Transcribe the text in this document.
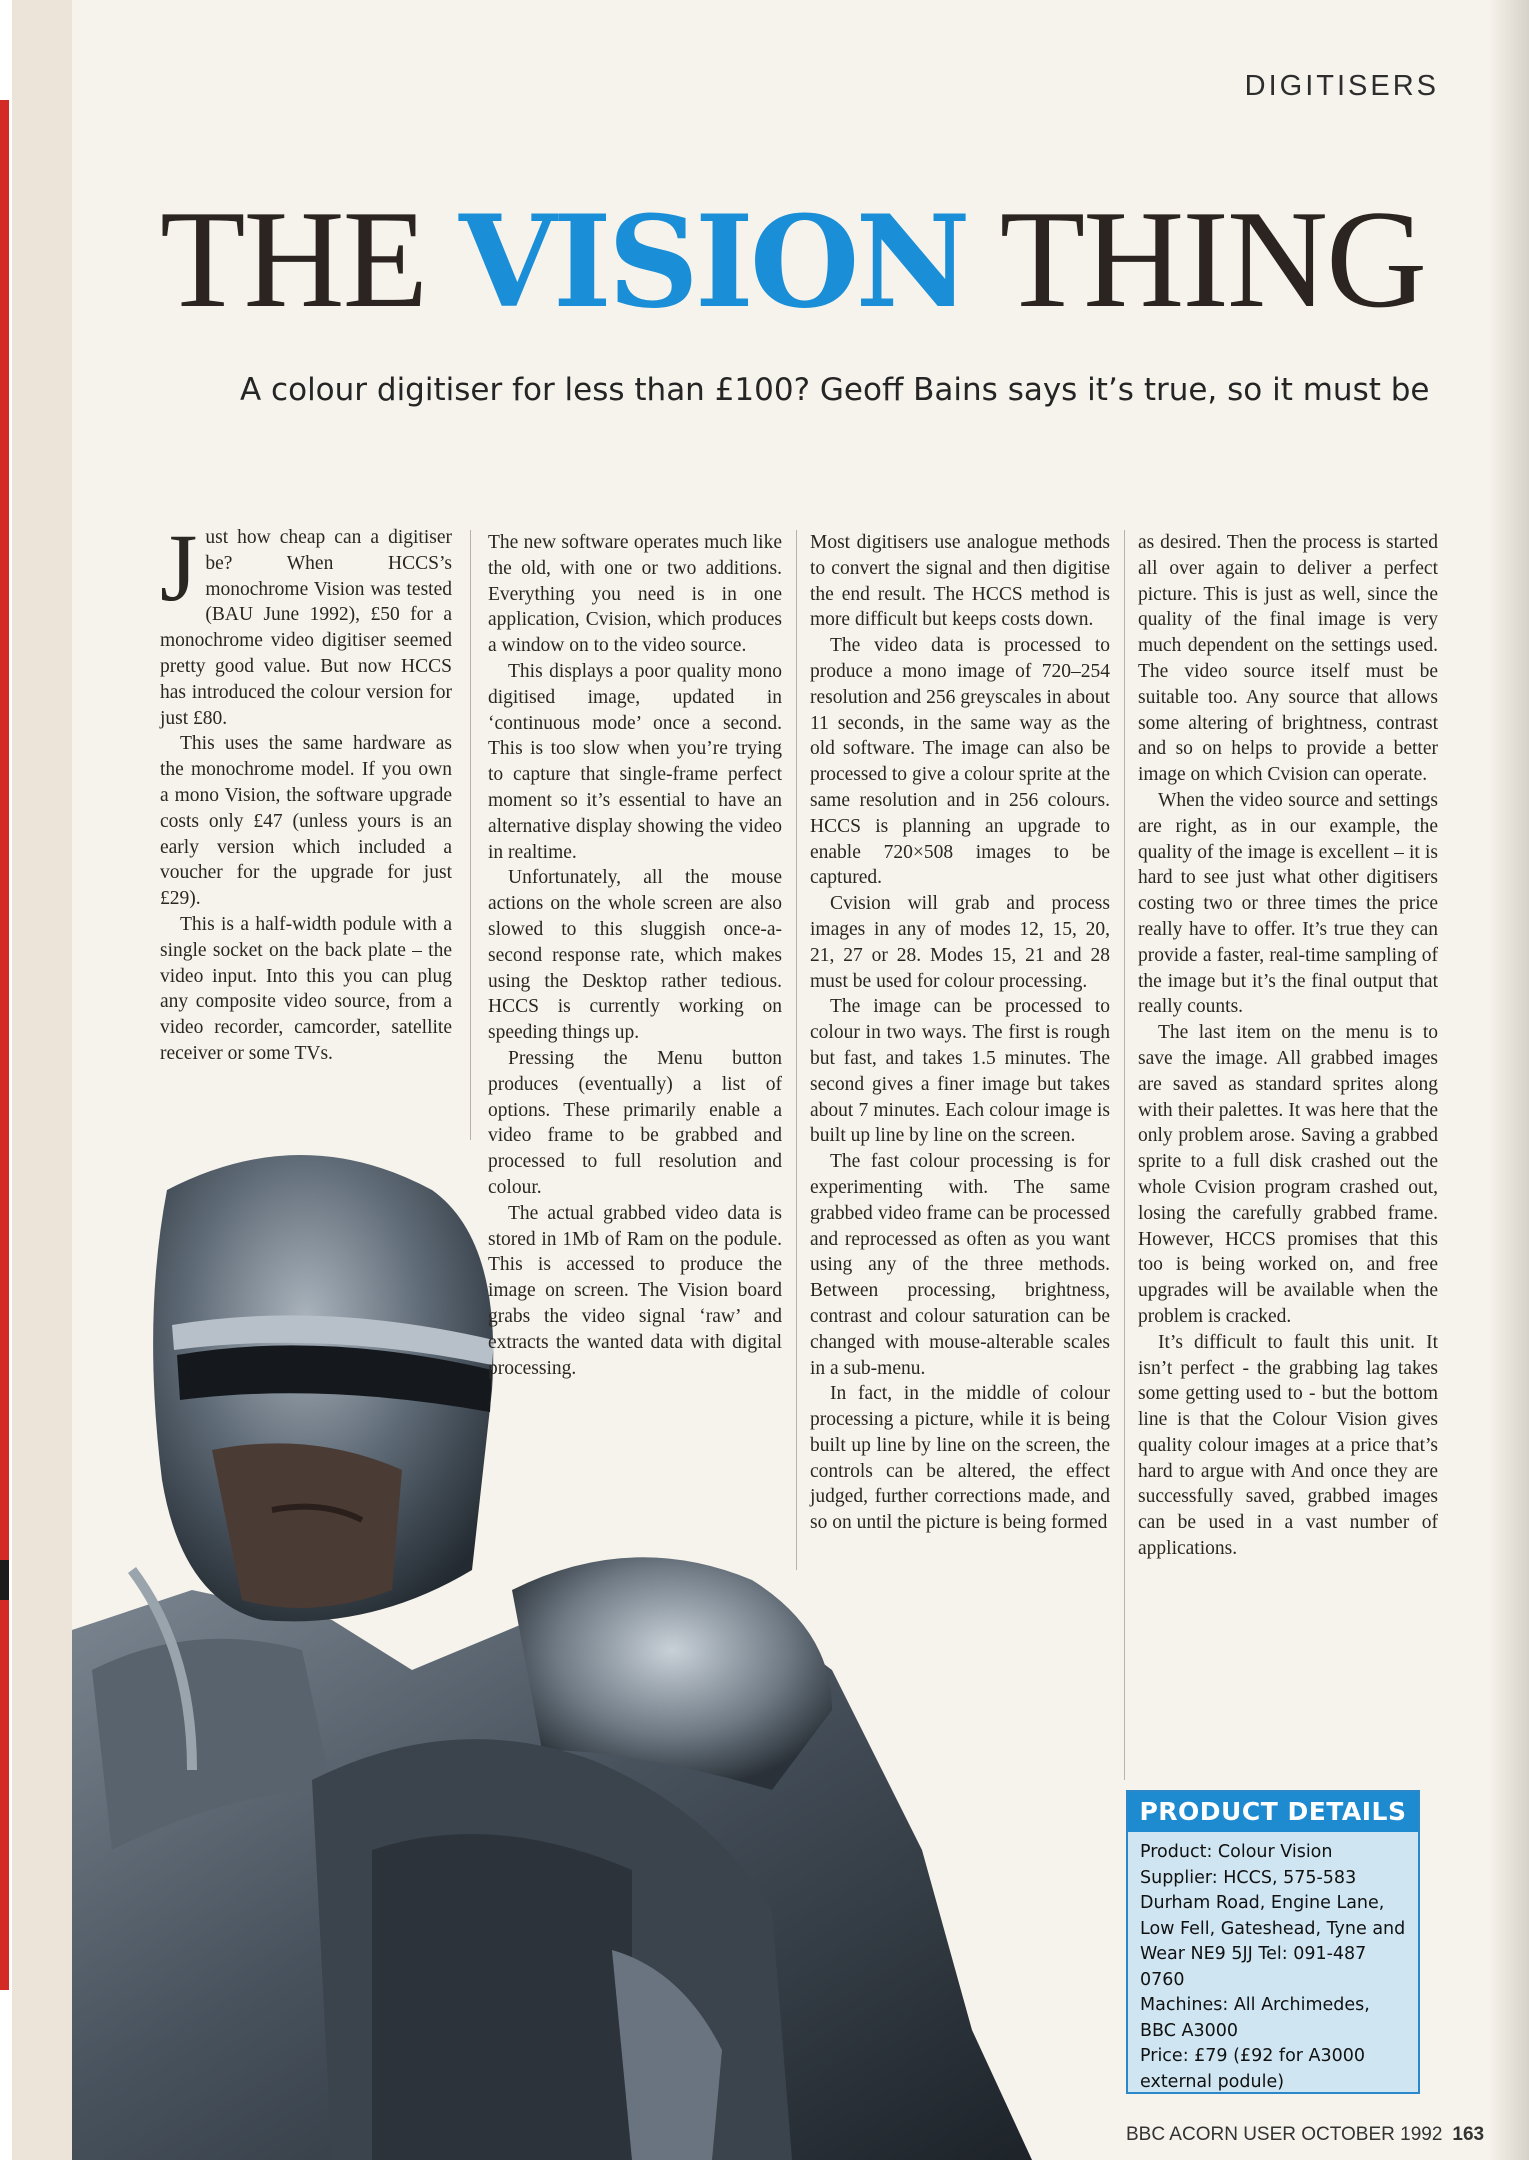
DIGITISERS
THE VISION THING
A colour digitiser for less than £100? Geoff Bains says it’s true, so it must be

Just how cheap can a digitiser be? When HCCS’s monochrome Vision was tested (BAU June 1992), £50 for a monochrome video digitiser seemed pretty good value. But now HCCS has introduced the colour version for just £80.

This uses the same hardware as the monochrome model. If you own a mono Vision, the software upgrade costs only £47 (unless yours is an early version which included a voucher for the upgrade for just £29).

This is a half-width podule with a single socket on the back plate – the video input. Into this you can plug any composite video source, from a video recorder, camcorder, satellite receiver or some TVs.

The new software operates much like the old, with one or two additions. Everything you need is in one application, Cvision, which produces a window on to the video source.

This displays a poor quality mono digitised image, updated in ‘continuous mode’ once a second. This is too slow when you’re trying to capture that single-frame perfect moment so it’s essential to have an alternative display showing the video in realtime.

Unfortunately, all the mouse actions on the whole screen are also slowed to this sluggish once-a-second response rate, which makes using the Desktop rather tedious. HCCS is currently working on speeding things up.

Pressing the Menu button produces (eventually) a list of options. These primarily enable a video frame to be grabbed and processed to full resolution and colour.

The actual grabbed video data is stored in 1Mb of Ram on the podule. This is accessed to produce the image on screen. The Vision board grabs the video signal ‘raw’ and extracts the wanted data with digital processing.

Most digitisers use analogue methods to convert the signal and then digitise the end result. The HCCS method is more difficult but keeps costs down.

The video data is processed to produce a mono image of 720–254 resolution and 256 greyscales in about 11 seconds, in the same way as the old software. The image can also be processed to give a colour sprite at the same resolution and in 256 colours. HCCS is planning an upgrade to enable 720×508 images to be captured.

Cvision will grab and process images in any of modes 12, 15, 20, 21, 27 or 28. Modes 15, 21 and 28 must be used for colour processing.

The image can be processed to colour in two ways. The first is rough but fast, and takes 1.5 minutes. The second gives a finer image but takes about 7 minutes. Each colour image is built up line by line on the screen.

The fast colour processing is for experimenting with. The same grabbed video frame can be processed and reprocessed as often as you want using any of the three methods. Between processing, brightness, contrast and colour saturation can be changed with mouse-alterable scales in a sub-menu.

In fact, in the middle of colour processing a picture, while it is being built up line by line on the screen, the controls can be altered, the effect judged, further corrections made, and so on until the picture is being formed

as desired. Then the process is started all over again to deliver a perfect picture. This is just as well, since the quality of the final image is very much dependent on the settings used. The video source itself must be suitable too. Any source that allows some altering of brightness, contrast and so on helps to provide a better image on which Cvision can operate.

When the video source and settings are right, as in our example, the quality of the image is excellent – it is hard to see just what other digitisers costing two or three times the price really have to offer. It’s true they can provide a faster, real-time sampling of the image but it’s the final output that really counts.

The last item on the menu is to save the image. All grabbed images are saved as standard sprites along with their palettes. It was here that the only problem arose. Saving a grabbed sprite to a full disk crashed out the whole Cvision program crashed out, losing the carefully grabbed frame. However, HCCS promises that this too is being worked on, and free upgrades will be available when the problem is cracked.

It’s difficult to fault this unit. It isn’t perfect - the grabbing lag takes some getting used to - but the bottom line is that the Colour Vision gives quality colour images at a price that’s hard to argue with And once they are successfully saved, grabbed images can be used in a vast number of applications.

PRODUCT DETAILS
Product: Colour Vision
Supplier: HCCS, 575-583 Durham Road, Engine Lane, Low Fell, Gateshead, Tyne and Wear NE9 5JJ Tel: 091-487 0760
Machines: All Archimedes, BBC A3000
Price: £79 (£92 for A3000 external podule)
BBC ACORN USER OCTOBER 1992 163
